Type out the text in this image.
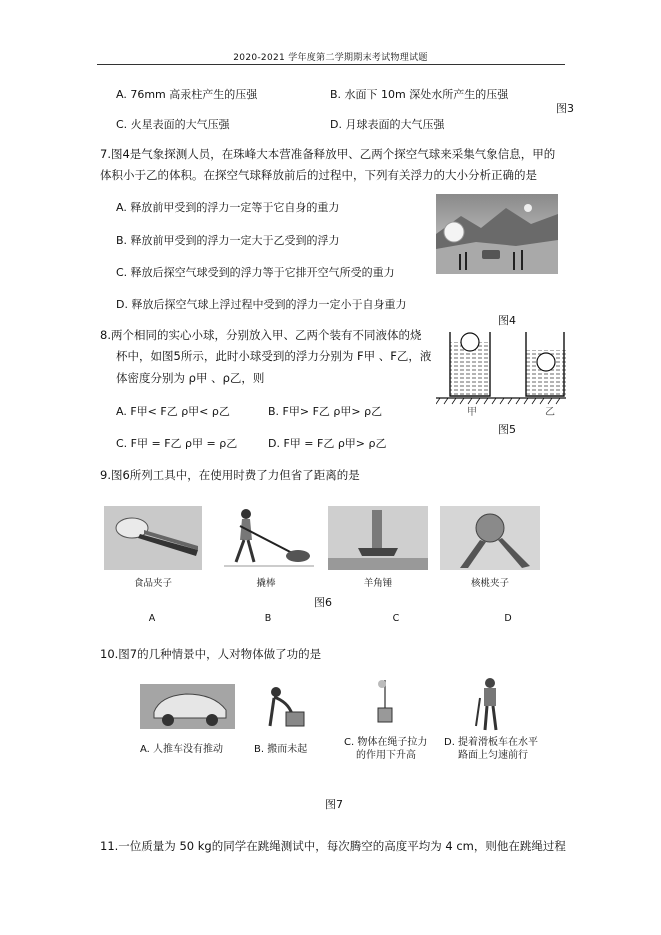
2020-2021 学年度第二学期期末考试物理试题
A. 76mm 高汞柱产生的压强	B. 水面下 10m 深处水所产生的压强
图3
C. 火星表面的大气压强	D. 月球表面的大气压强
7.图4是气象探测人员，在珠峰大本营准备释放甲、乙两个探空气球来采集气象信息，甲的
体积小于乙的体积。在探空气球释放前后的过程中，下列有关浮力的大小分析正确的是
A. 释放前甲受到的浮力一定等于它自身的重力
B. 释放前甲受到的浮力一定大于乙受到的浮力
C. 释放后探空气球受到的浮力等于它排开空气所受的重力
D. 释放后探空气球上浮过程中受到的浮力一定小于自身重力
图4
8.两个相同的实心小球，分别放入甲、乙两个装有不同液体的烧
杯中，如图5所示，此时小球受到的浮力分别为 F甲 、F乙，液
体密度分别为 ρ甲 、ρ乙，则
A. F甲< F乙 ρ甲< ρ乙	B. F甲> F乙 ρ甲> ρ乙
C. F甲 = F乙 ρ甲 = ρ乙	D. F甲 = F乙 ρ甲> ρ乙
甲	乙
图5
9.图6所列工具中，在使用时费了力但省了距离的是
食品夹子	撬棒	羊角锤	核桃夹子
图6
A	B	C	D
10.图7的几种情景中，人对物体做了功的是
A. 人推车没有推动	B. 搬而未起
C. 物体在绳子拉力
的作用下升高
D. 提着滑板车在水平
路面上匀速前行
图7
11.一位质量为 50 kg的同学在跳绳测试中，每次腾空的高度平均为 4 cm，则他在跳绳过程
